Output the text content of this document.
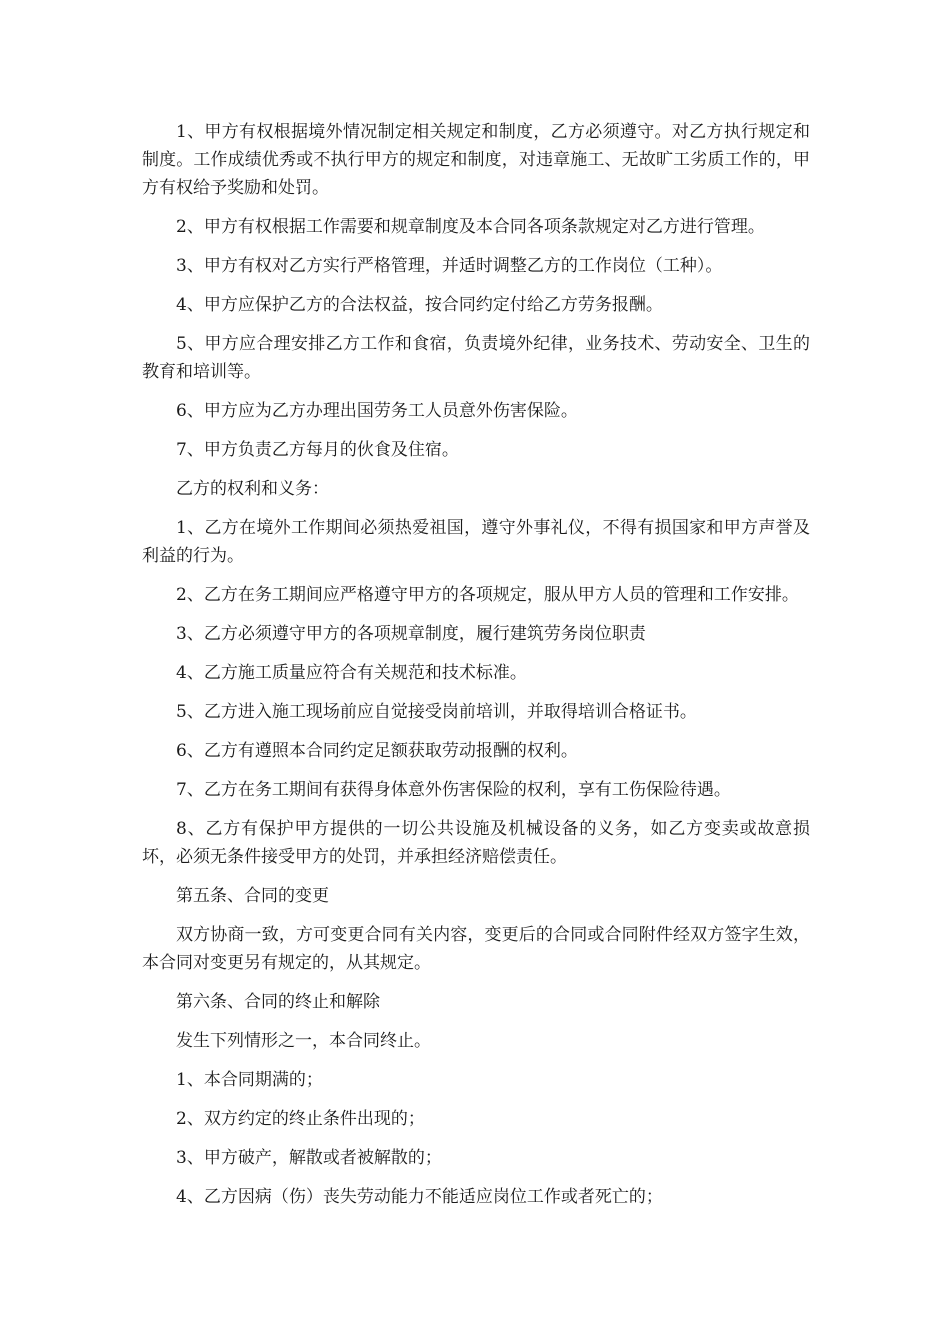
1、甲方有权根据境外情况制定相关规定和制度，乙方必须遵守。对乙方执行规定和制度。工作成绩优秀或不执行甲方的规定和制度，对违章施工、无故旷工劣质工作的，甲方有权给予奖励和处罚。

2、甲方有权根据工作需要和规章制度及本合同各项条款规定对乙方进行管理。

3、甲方有权对乙方实行严格管理，并适时调整乙方的工作岗位（工种）。

4、甲方应保护乙方的合法权益，按合同约定付给乙方劳务报酬。

5、甲方应合理安排乙方工作和食宿，负责境外纪律，业务技术、劳动安全、卫生的教育和培训等。

6、甲方应为乙方办理出国劳务工人员意外伤害保险。

7、甲方负责乙方每月的伙食及住宿。

乙方的权利和义务：

1、乙方在境外工作期间必须热爱祖国，遵守外事礼仪，不得有损国家和甲方声誉及利益的行为。

2、乙方在务工期间应严格遵守甲方的各项规定，服从甲方人员的管理和工作安排。

3、乙方必须遵守甲方的各项规章制度，履行建筑劳务岗位职责

4、乙方施工质量应符合有关规范和技术标准。

5、乙方进入施工现场前应自觉接受岗前培训，并取得培训合格证书。

6、乙方有遵照本合同约定足额获取劳动报酬的权利。

7、乙方在务工期间有获得身体意外伤害保险的权利，享有工伤保险待遇。

8、乙方有保护甲方提供的一切公共设施及机械设备的义务，如乙方变卖或故意损坏，必须无条件接受甲方的处罚，并承担经济赔偿责任。

第五条、合同的变更

双方协商一致，方可变更合同有关内容，变更后的合同或合同附件经双方签字生效，本合同对变更另有规定的，从其规定。

第六条、合同的终止和解除

发生下列情形之一，本合同终止。

1、本合同期满的；

2、双方约定的终止条件出现的；

3、甲方破产，解散或者被解散的；

4、乙方因病（伤）丧失劳动能力不能适应岗位工作或者死亡的；
